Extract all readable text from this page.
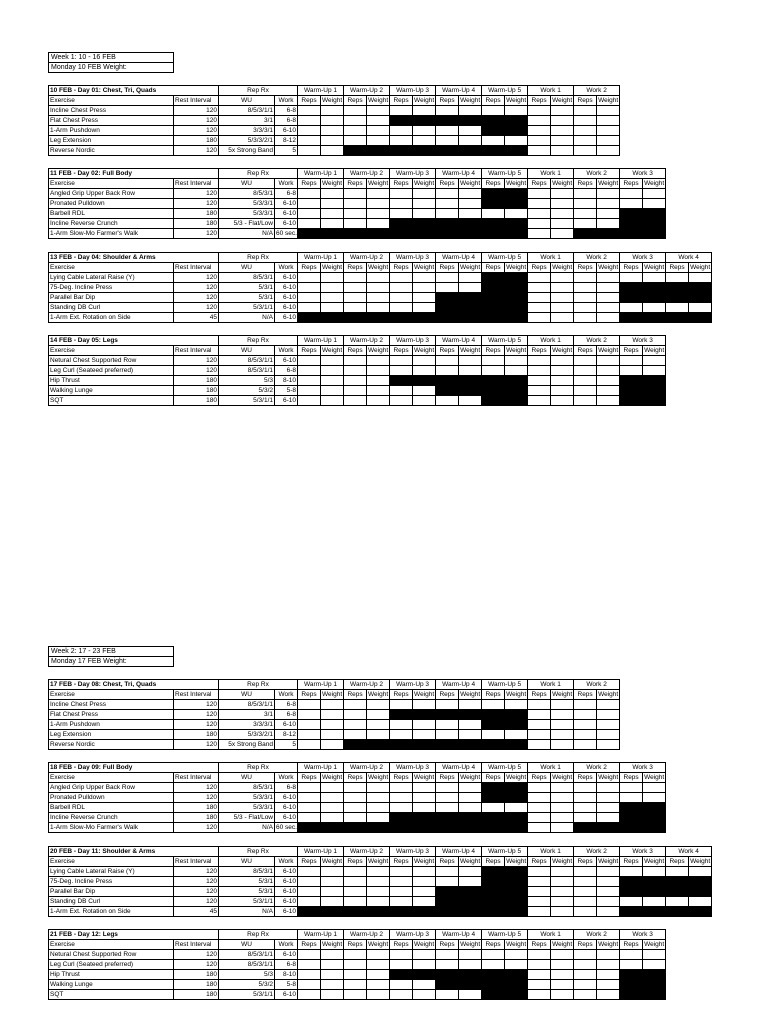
Week 1: 10 - 16 FEB
Monday 10 FEB Weight:
10 FEB - Day 01: Chest, Tri, Quads		Rep Rx		Warm-Up 1		Warm-Up 2		Warm-Up 3		Warm-Up 4		Warm-Up 5		Work 1		Work 2	
Exercise	Rest Interval	WU	Work	Reps	Weight	Reps	Weight	Reps	Weight	Reps	Weight	Reps	Weight	Reps	Weight	Reps	Weight
Incline Chest Press	120	8/5/3/1/1	6-8														
Flat Chest Press	120	3/1	6-8														
1-Arm Pushdown	120	3/3/3/1	6-10														
Leg Extension	180	5/3/3/2/1	8-12														
Reverse Nordic	120	5x Strong Band	5														
11 FEB - Day 02: Full Body		Rep Rx		Warm-Up 1		Warm-Up 2		Warm-Up 3		Warm-Up 4		Warm-Up 5		Work 1		Work 2		Work 3	
Exercise	Rest Interval	WU	Work	Reps	Weight	Reps	Weight	Reps	Weight	Reps	Weight	Reps	Weight	Reps	Weight	Reps	Weight	Reps	Weight
Angled Grip Upper Back Row	120	8/5/3/1	6-8																
Pronated Pulldown	120	5/3/3/1	6-10																
Barbell RDL	180	5/3/3/1	6-10																
Incline Reverse Crunch	180	5/3 - Flat/Low	6-10																
1-Arm Slow-Mo Farmer's Walk	120	N/A	60 sec.																
13 FEB - Day 04: Shoulder & Arms		Rep Rx		Warm-Up 1		Warm-Up 2		Warm-Up 3		Warm-Up 4		Warm-Up 5		Work 1		Work 2		Work 3		Work 4	
Exercise	Rest Interval	WU	Work	Reps	Weight	Reps	Weight	Reps	Weight	Reps	Weight	Reps	Weight	Reps	Weight	Reps	Weight	Reps	Weight	Reps	Weight
Lying Cable Lateral Raise (Y)	120	8/5/3/1	6-10																		
75-Deg. Incline Press	120	5/3/1	6-10																		
Parallel Bar Dip	120	5/3/1	6-10																		
Standing DB Curl	120	5/3/1/1	6-10																		
1-Arm Ext. Rotation on Side	45	N/A	6-10																		
14 FEB - Day 05: Legs		Rep Rx		Warm-Up 1		Warm-Up 2		Warm-Up 3		Warm-Up 4		Warm-Up 5		Work 1		Work 2		Work 3	
Exercise	Rest Interval	WU	Work	Reps	Weight	Reps	Weight	Reps	Weight	Reps	Weight	Reps	Weight	Reps	Weight	Reps	Weight	Reps	Weight
Netural Chest Supported Row	120	8/5/3/1/1	6-10																
Leg Curl (Seateed preferred)	120	8/5/3/1/1	6-8																
Hip Thrust	180	5/3	8-10																
Walking Lunge	180	5/3/2	5-8																
SQT	180	5/3/1/1	6-10																
Week 2: 17 - 23 FEB
Monday 17 FEB Weight:
17 FEB - Day 08: Chest, Tri, Quads		Rep Rx		Warm-Up 1		Warm-Up 2		Warm-Up 3		Warm-Up 4		Warm-Up 5		Work 1		Work 2	
Exercise	Rest Interval	WU	Work	Reps	Weight	Reps	Weight	Reps	Weight	Reps	Weight	Reps	Weight	Reps	Weight	Reps	Weight
Incline Chest Press	120	8/5/3/1/1	6-8														
Flat Chest Press	120	3/1	6-8														
1-Arm Pushdown	120	3/3/3/1	6-10														
Leg Extension	180	5/3/3/2/1	8-12														
Reverse Nordic	120	5x Strong Band	5														
18 FEB - Day 09: Full Body		Rep Rx		Warm-Up 1		Warm-Up 2		Warm-Up 3		Warm-Up 4		Warm-Up 5		Work 1		Work 2		Work 3	
Exercise	Rest Interval	WU	Work	Reps	Weight	Reps	Weight	Reps	Weight	Reps	Weight	Reps	Weight	Reps	Weight	Reps	Weight	Reps	Weight
Angled Grip Upper Back Row	120	8/5/3/1	6-8																
Pronated Pulldown	120	5/3/3/1	6-10																
Barbell RDL	180	5/3/3/1	6-10																
Incline Reverse Crunch	180	5/3 - Flat/Low	6-10																
1-Arm Slow-Mo Farmer's Walk	120	N/A	60 sec.																
20 FEB - Day 11: Shoulder & Arms		Rep Rx		Warm-Up 1		Warm-Up 2		Warm-Up 3		Warm-Up 4		Warm-Up 5		Work 1		Work 2		Work 3		Work 4	
Exercise	Rest Interval	WU	Work	Reps	Weight	Reps	Weight	Reps	Weight	Reps	Weight	Reps	Weight	Reps	Weight	Reps	Weight	Reps	Weight	Reps	Weight
Lying Cable Lateral Raise (Y)	120	8/5/3/1	6-10																		
75-Deg. Incline Press	120	5/3/1	6-10																		
Parallel Bar Dip	120	5/3/1	6-10																		
Standing DB Curl	120	5/3/1/1	6-10																		
1-Arm Ext. Rotation on Side	45	N/A	6-10																		
21 FEB - Day 12: Legs		Rep Rx		Warm-Up 1		Warm-Up 2		Warm-Up 3		Warm-Up 4		Warm-Up 5		Work 1		Work 2		Work 3	
Exercise	Rest Interval	WU	Work	Reps	Weight	Reps	Weight	Reps	Weight	Reps	Weight	Reps	Weight	Reps	Weight	Reps	Weight	Reps	Weight
Netural Chest Supported Row	120	8/5/3/1/1	6-10																
Leg Curl (Seateed preferred)	120	8/5/3/1/1	6-8																
Hip Thrust	180	5/3	8-10																
Walking Lunge	180	5/3/2	5-8																
SQT	180	5/3/1/1	6-10																
